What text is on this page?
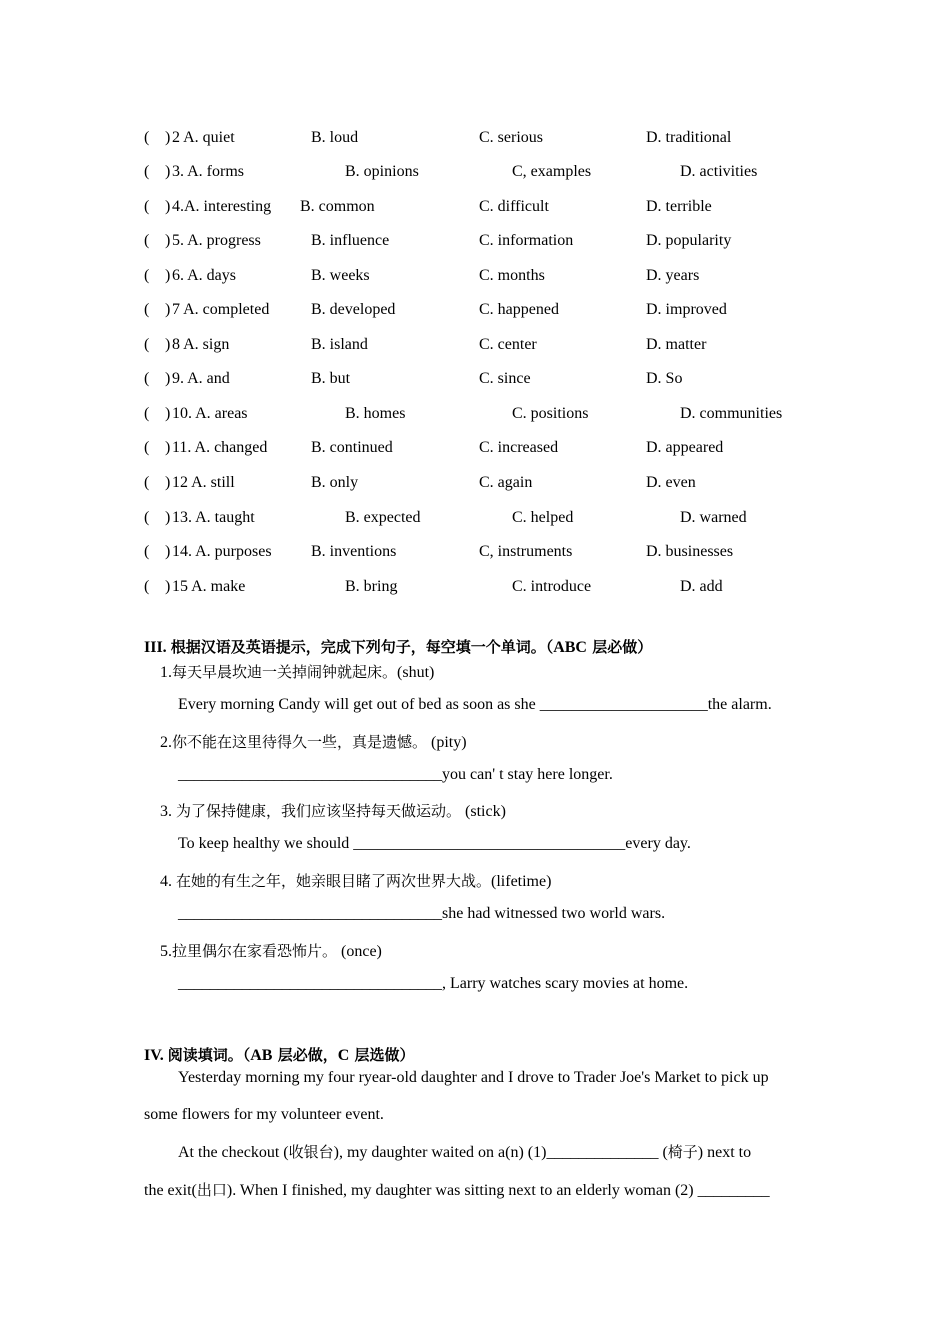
( ) 2 A. quiet	B. loud	C. serious	D. traditional
( ) 3. A. forms	B. opinions	C, examples	D. activities
( ) 4.A. interesting B. common	C. difficult	D. terrible
( ) 5. A. progress	B. influence	C. information	D. popularity
( ) 6. A. days	B. weeks	C. months	D. years
( ) 7 A. completed	B. developed	C. happened	D. improved
( ) 8 A. sign	B. island	C. center	D. matter
( ) 9. A. and	B. but	C. since	D. So
( ) 10. A. areas	B. homes	C. positions	D. communities
( ) 11. A. changed	B. continued	C. increased	D. appeared
( ) 12 A. still	B. only	C. again	D. even
( ) 13. A. taught	B. expected	C. helped	D. warned
( ) 14. A. purposes B. inventions	C, instruments	D. businesses
( ) 15 A. make	B. bring	C. introduce	D. add
III. 根据汉语及英语提示，完成下列句子，每空填一个单词。（ABC 层必做）
1.每天早晨坎迪一关掉闹钟就起床。(shut)
Every morning Candy will get out of bed as soon as she _____________________the alarm.
2.你不能在这里待得久一些，真是遗憾。 (pity)
_________________________________you can' t stay here longer.
3. 为了保持健康，我们应该坚持每天做运动。 (stick)
To keep healthy we should __________________________________every day.
4. 在她的有生之年，她亲眼目睹了两次世界大战。(lifetime)
_________________________________she had witnessed two world wars.
5.拉里偶尔在家看恐怖片。 (once)
_________________________________, Larry watches scary movies at home.
IV. 阅读填词。（AB 层必做，C 层选做）
Yesterday morning my four ryear-old daughter and I drove to Trader Joe's Market to pick up
some flowers for my volunteer event.
At the checkout (收银台), my daughter waited on a(n) (1)______________ (椅子) next to
the exit(出口). When I finished, my daughter was sitting next to an elderly woman (2) _________
